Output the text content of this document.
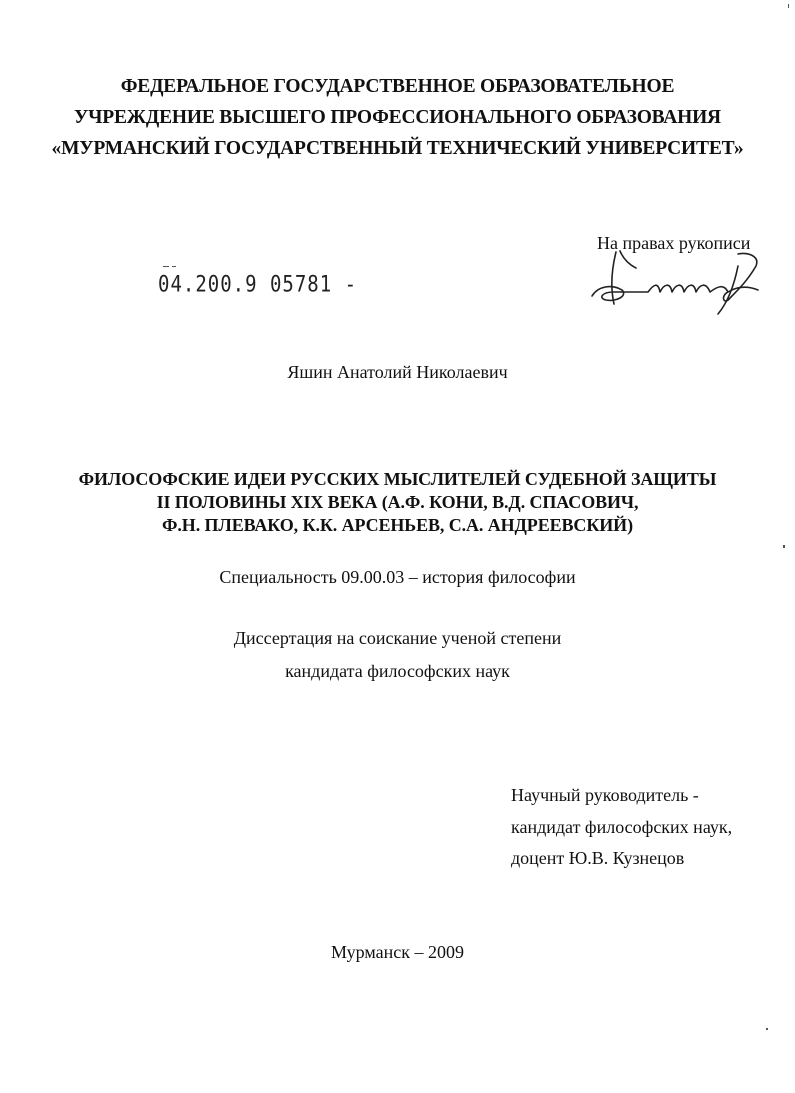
ФЕДЕРАЛЬНОЕ ГОСУДАРСТВЕННОЕ ОБРАЗОВАТЕЛЬНОЕ
УЧРЕЖДЕНИЕ ВЫСШЕГО ПРОФЕССИОНАЛЬНОГО ОБРАЗОВАНИЯ
«МУРМАНСКИЙ ГОСУДАРСТВЕННЫЙ ТЕХНИЧЕСКИЙ УНИВЕРСИТЕТ»
На правах рукописи
04.200.9 05781 -
Яшин Анатолий Николаевич
ФИЛОСОФСКИЕ ИДЕИ РУССКИХ МЫСЛИТЕЛЕЙ СУДЕБНОЙ ЗАЩИТЫ
II ПОЛОВИНЫ XIX ВЕКА (А.Ф. КОНИ, В.Д. СПАСОВИЧ,
Ф.Н. ПЛЕВАКО, К.К. АРСЕНЬЕВ, С.А. АНДРЕЕВСКИЙ)
Специальность 09.00.03 – история философии
Диссертация на соискание ученой степени
кандидата философских наук
Научный руководитель -
кандидат философских наук,
доцент Ю.В. Кузнецов
Мурманск – 2009
